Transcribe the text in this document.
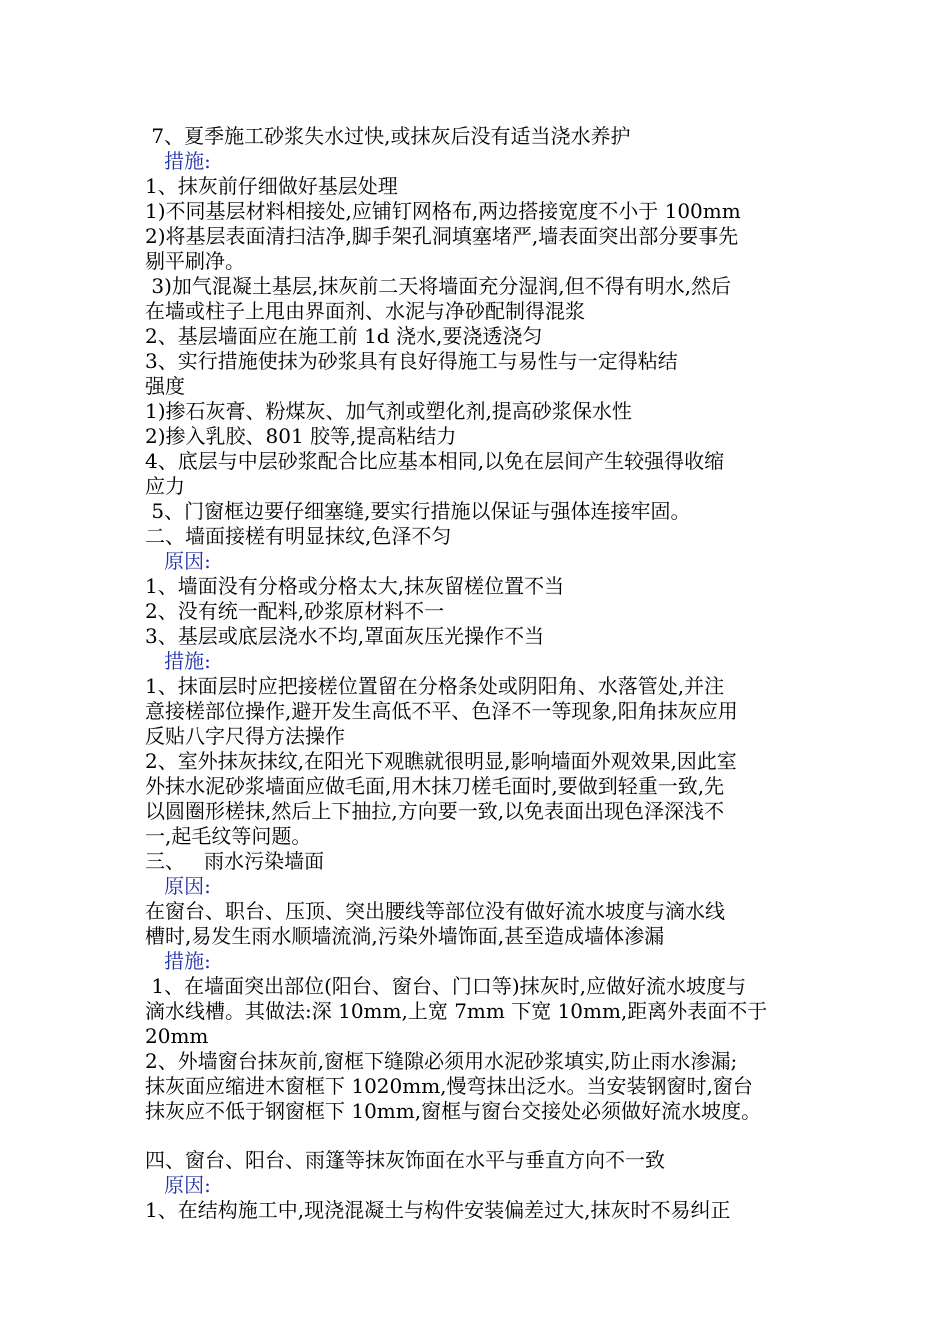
7、夏季施工砂浆失水过快,或抹灰后没有适当浇水养护
措施:
1、抹灰前仔细做好基层处理
1)不同基层材料相接处,应铺钉网格布,两边搭接宽度不小于 100mm
2)将基层表面清扫洁净,脚手架孔洞填塞堵严,墙表面突出部分要事先
剔平刷净。
3)加气混凝土基层,抹灰前二天将墙面充分湿润,但不得有明水,然后
在墙或柱子上甩由界面剂、水泥与净砂配制得混浆
2、基层墙面应在施工前 1d 浇水,要浇透浇匀
3、实行措施使抹为砂浆具有良好得施工与易性与一定得粘结
强度
1)掺石灰膏、粉煤灰、加气剂或塑化剂,提高砂浆保水性
2)掺入乳胶、801 胶等,提高粘结力
4、底层与中层砂浆配合比应基本相同,以免在层间产生较强得收缩
应力
5、门窗框边要仔细塞缝,要实行措施以保证与强体连接牢固。
二、墙面接槎有明显抹纹,色泽不匀
原因:
1、墙面没有分格或分格太大,抹灰留槎位置不当
2、没有统一配料,砂浆原材料不一
3、基层或底层浇水不均,罩面灰压光操作不当
措施:
1、抹面层时应把接槎位置留在分格条处或阴阳角、水落管处,并注
意接槎部位操作,避开发生高低不平、色泽不一等现象,阳角抹灰应用
反贴八字尺得方法操作
2、室外抹灰抹纹,在阳光下观瞧就很明显,影响墙面外观效果,因此室
外抹水泥砂浆墙面应做毛面,用木抹刀槎毛面时,要做到轻重一致,先
以圆圈形槎抹,然后上下抽拉,方向要一致,以免表面出现色泽深浅不
一,起毛纹等问题。
三、   雨水污染墙面
原因:
在窗台、职台、压顶、突出腰线等部位没有做好流水坡度与滴水线
槽时,易发生雨水顺墙流淌,污染外墙饰面,甚至造成墙体渗漏
措施:
1、在墙面突出部位(阳台、窗台、门口等)抹灰时,应做好流水坡度与
滴水线槽。其做法:深 10mm,上宽 7mm 下宽 10mm,距离外表面不于
20mm
2、外墙窗台抹灰前,窗框下缝隙必须用水泥砂浆填实,防止雨水渗漏;
抹灰面应缩进木窗框下 1020mm,慢弯抹出泛水。当安装钢窗时,窗台
抹灰应不低于钢窗框下 10mm,窗框与窗台交接处必须做好流水坡度。
四、窗台、阳台、雨篷等抹灰饰面在水平与垂直方向不一致
原因:
1、在结构施工中,现浇混凝土与构件安装偏差过大,抹灰时不易纠正
